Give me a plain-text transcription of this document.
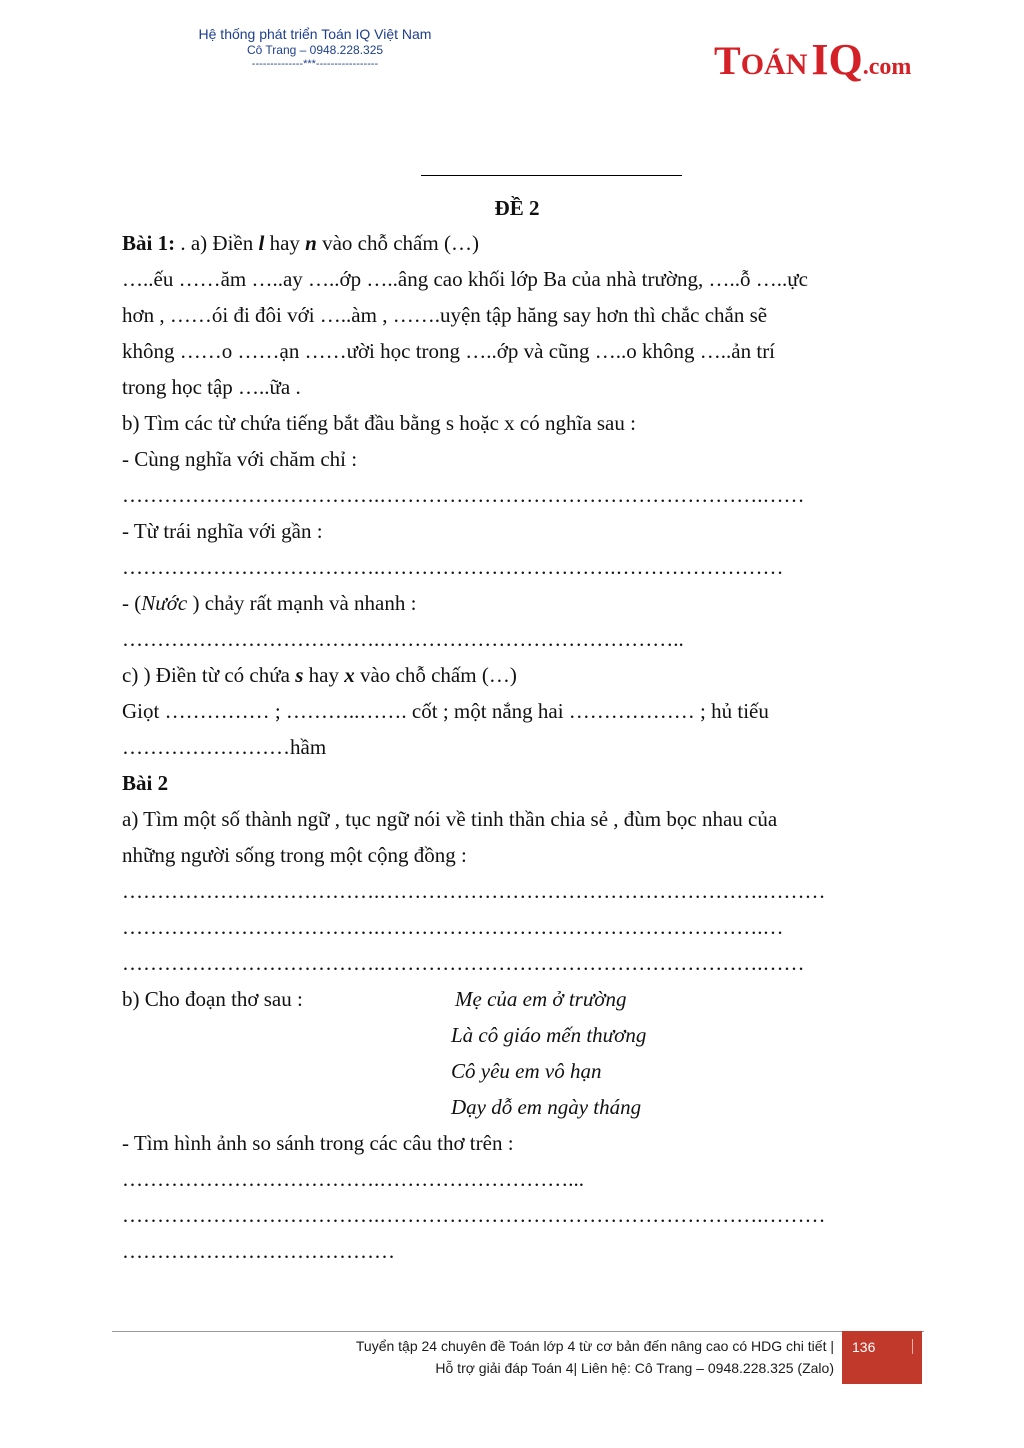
Hệ thống phát triển Toán IQ Việt Nam
Cô Trang – 0948.228.325
--------------***-----------------	TOÁN IQ.com
ĐỀ 2
Bài 1: . a) Điền l hay n vào chỗ chấm (…)
…..ếu ……ăm …..ay …..ớp …..âng cao khối lớp Ba của nhà trường, …..ỗ …..ực
hơn , ……ói đi đôi với …..àm , …….uyện tập hăng say hơn thì chắc chắn sẽ
không ……o ……ạn ……ười học trong …..ớp và cũng …..o không …..ản trí
trong học tập …..ữa .
b) Tìm các từ chứa tiếng bắt đầu bằng s hoặc x có nghĩa sau :
- Cùng nghĩa với chăm chỉ :
……………………………….……………………………………………….……
- Từ trái nghĩa với gần :
……………………………….…………………………….……………………
- (Nước ) chảy rất mạnh và nhanh :
……………………………….……………………………………..
c) ) Điền từ có chứa s hay x vào chỗ chấm (…)
Giọt …………… ; ………..……. cốt ; một nắng hai ……………… ; hủ tiếu
……………………hầm
Bài 2
a) Tìm một số thành ngữ , tục ngữ nói về tinh thần chia sẻ , đùm bọc nhau của
những người sống trong một cộng đồng :
……………………………….……………………………………………….………
……………………………….……………………………………………….…
……………………………….……………………………………………….……
b) Cho đoạn thơ sau :	Mẹ của em ở trường
Là cô giáo mến thương
Cô yêu em vô hạn
Dạy dỗ em ngày tháng
- Tìm hình ảnh so sánh trong các câu thơ trên :
……………………………….………………………...
……………………………….……………………………………………….………
…………………………………
Tuyển tập 24 chuyên đề Toán lớp 4 từ cơ bản đến nâng cao có HDG chi tiết |
Hỗ trợ giải đáp Toán 4| Liên hệ: Cô Trang – 0948.228.325 (Zalo)
136
